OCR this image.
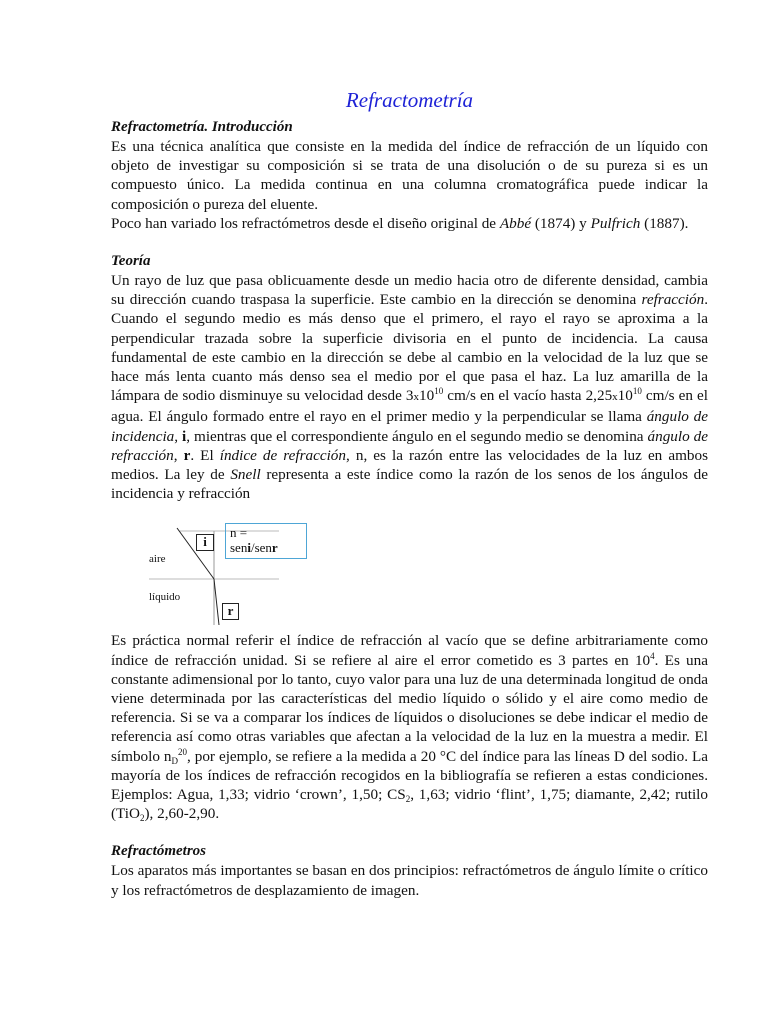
Refractometría
Refractometría. Introducción

Es una técnica analítica que consiste en la medida del índice de refracción de un líquido con objeto de investigar su composición si se trata de una disolución o de su pureza si es un compuesto único. La medida continua en una columna cromatográfica puede indicar la composición o pureza del eluente.

Poco han variado los refractómetros desde el diseño original de Abbé (1874) y Pulfrich (1887).

Teoría

Un rayo de luz que pasa oblicuamente desde un medio hacia otro de diferente densidad, cambia su dirección cuando traspasa la superficie. Este cambio en la dirección se denomina refracción. Cuando el segundo medio es más denso que el primero, el rayo el rayo se aproxima a la perpendicular trazada sobre la superficie divisoria en el punto de incidencia. La causa fundamental de este cambio en la dirección se debe al cambio en la velocidad de la luz que se hace más lenta cuanto más denso sea el medio por el que pasa el haz. La luz amarilla de la lámpara de sodio disminuye su velocidad desde $3x10^{10}$ cm/s en el vacío hasta $2,25x10^{10}$ cm/s en el agua. El ángulo formado entre el rayo en el primer medio y la perpendicular se llama ángulo de incidencia, i, mientras que el correspondiente ángulo en el segundo medio se denomina ángulo de refracción, r. El índice de refracción, n, es la razón entre las velocidades de la luz en ambos medios. La ley de Snell representa a este índice como la razón de los senos de los ángulos de incidencia y refracción

aire
líquido
i
r
n =
seni/senr

Es práctica normal referir el índice de refracción al vacío que se define arbitrariamente como índice de refracción unidad. Si se refiere al aire el error cometido es 3 partes en $10^4$. Es una constante adimensional por lo tanto, cuyo valor para una luz de una determinada longitud de onda viene determinada por las características del medio líquido o sólido y el aire como medio de referencia. Si se va a comparar los índices de líquidos o disoluciones se debe indicar el medio de referencia así como otras variables que afectan a la velocidad de la luz en la muestra a medir. El símbolo $n_D^{20}$, por ejemplo, se refiere a la medida a 20 °C del índice para las líneas D del sodio. La mayoría de los índices de refracción recogidos en la bibliografía se refieren a estas condiciones. Ejemplos: Agua, 1,33; vidrio ‘crown’, 1,50; $CS_2$, 1,63; vidrio ‘flint’, 1,75; diamante, 2,42; rutilo (TiO$_2$), 2,60-2,90.

Refractómetros

Los aparatos más importantes se basan en dos principios: refractómetros de ángulo límite o crítico y los refractómetros de desplazamiento de imagen.
